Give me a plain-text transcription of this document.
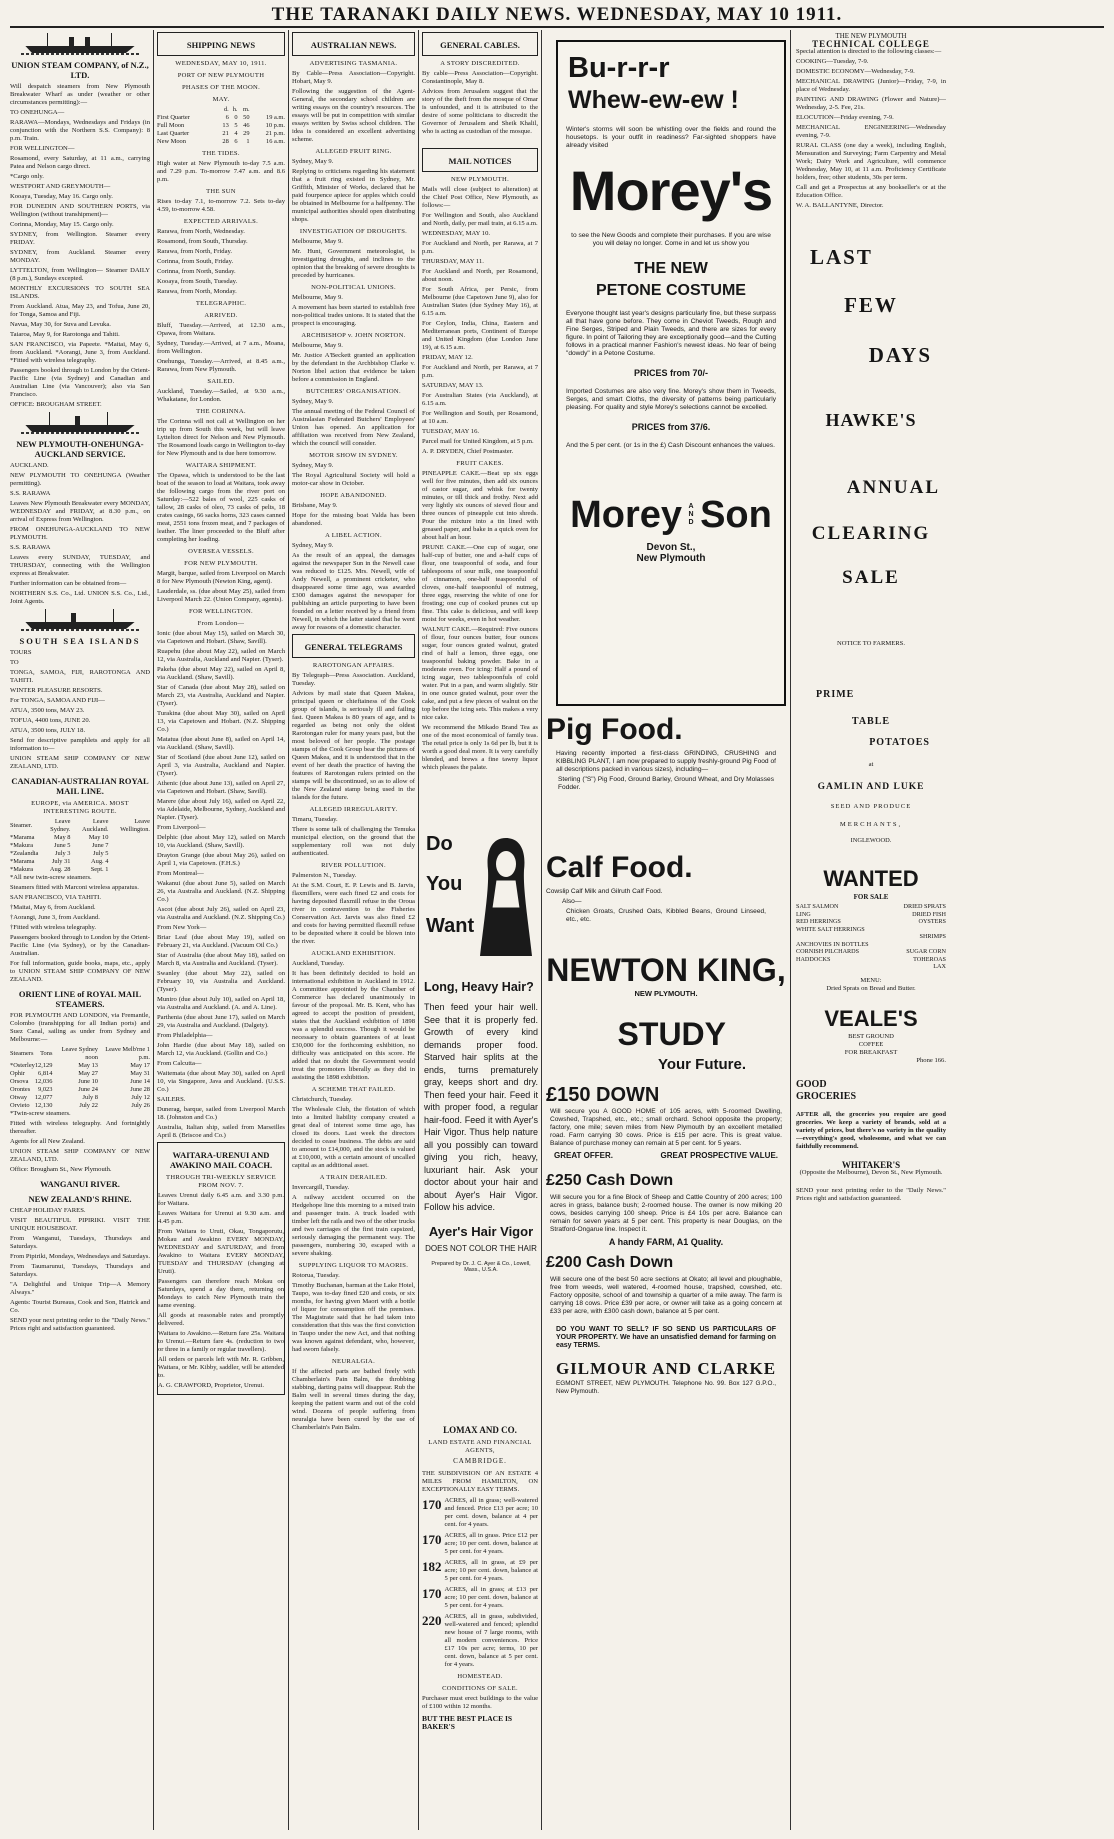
THE TARANAKI DAILY NEWS. WEDNESDAY, MAY 10 1911.
UNION STEAM COMPANY, of N.Z., LTD.

Will despatch steamers from New Plymouth Breakwater Wharf as under (weather or other circumstances permitting):—

TO ONEHUNGA—

RARAWA—Mondays, Wednesdays and Fridays (in conjunction with the Northern S.S. Company): 8 p.m. Train.

FOR WELLINGTON—

Rosamond, every Saturday, at 11 a.m., carrying Patea and Nelson cargo direct.

*Cargo only.

WESTPORT AND GREYMOUTH—

Kooaya, Tuesday, May 16. Cargo only.

FOR DUNEDIN AND SOUTHERN PORTS, via Wellington (without transhipment)—

Corinna, Monday, May 15. Cargo only.

SYDNEY, from Wellington. Steamer every FRIDAY.

SYDNEY, from Auckland. Steamer every MONDAY.

LYTTELTON, from Wellington— Steamer DAILY (8 p.m.), Sundays excepted.

MONTHLY EXCURSIONS TO SOUTH SEA ISLANDS.

From Auckland. Atua, May 23, and Tofua, June 20, for Tonga, Samoa and Fiji.

Navua, May 30, for Suva and Levuka.

Taiaroa, May 9, for Rarotonga and Tahiti.

SAN FRANCISCO, via Papeete. *Maitai, May 6, from Auckland. *Aorangi, June 3, from Auckland. *Fitted with wireless telegraphy.

Passengers booked through to London by the Orient-Pacific Line (via Sydney) and Canadian and Australian Line (via Vancouver); also via San Francisco.

OFFICE: BROUGHAM STREET.

NEW PLYMOUTH-ONEHUNGA-AUCKLAND SERVICE.

AUCKLAND.

NEW PLYMOUTH TO ONEHUNGA (Weather permitting).

S.S. RARAWA

Leaves New Plymouth Breakwater every MONDAY, WEDNESDAY and FRIDAY, at 8.30 p.m., on arrival of Express from Wellington.

FROM ONEHUNGA-AUCKLAND TO NEW PLYMOUTH.

S.S. RARAWA

Leaves every SUNDAY, TUESDAY, and THURSDAY, connecting with the Wellington express at Breakwater.

Further information can be obtained from—

NORTHERN S.S. Co., Ltd. UNION S.S. Co., Ltd., Joint Agents.

SOUTH SEA ISLANDS

TOURS

TO

TONGA, SAMOA, FIJI, RAROTONGA AND TAHITI.

WINTER PLEASURE RESORTS.

For TONGA, SAMOA AND FIJI—

ATUA, 3500 tons, MAY 23.

TOFUA, 4400 tons, JUNE 20.

ATUA, 3500 tons, JULY 18.

Send for descriptive pamphlets and apply for all information to—

UNION STEAM SHIP COMPANY OF NEW ZEALAND, LTD.

CANADIAN-AUSTRALIAN ROYAL MAIL LINE.
EUROPE, via AMERICA. MOST INTERESTING ROUTE.
Steamer.	Leave Sydney.	Leave Auckland.	Leave Wellington.
*Marama	May 8	May 10	
*Makura	June 5	June 7	
*Zealandia	July 3	July 5	
*Marama	July 31	Aug. 4	
*Makura	Aug. 28	Sept. 1	

*All new twin-screw steamers.

Steamers fitted with Marconi wireless apparatus.

SAN FRANCISCO, VIA TAHITI.

†Maitai, May 6, from Auckland.

†Aorangi, June 3, from Auckland.

†Fitted with wireless telegraphy.

Passengers booked through to London by the Orient-Pacific Line (via Sydney), or by the Canadian-Australian.

For full information, guide books, maps, etc., apply to UNION STEAM SHIP COMPANY OF NEW ZEALAND.

ORIENT LINE of ROYAL MAIL STEAMERS.

FOR PLYMOUTH AND LONDON, via Fremantle, Colombo (transhipping for all Indian ports) and Suez Canal, sailing as under from Sydney and Melbourne:—

Steamers	Tons	Leave Sydney noon	Leave Melb'rne 1 p.m.
*Osterley	12,129	May 13	May 17
Ophir	6,814	May 27	May 31
Orsova	12,036	June 10	June 14
Orontes	9,023	June 24	June 28
Otway	12,077	July 8	July 12
Orvieto	12,130	July 22	July 26

*Twin-screw steamers.

Fitted with wireless telegraphy. And fortnightly thereafter.

Agents for all New Zealand.

UNION STEAM SHIP COMPANY OF NEW ZEALAND, LTD.

Office: Brougham St., New Plymouth.

WANGANUI RIVER.
NEW ZEALAND'S RHINE.

CHEAP HOLIDAY FARES.

VISIT BEAUTIFUL PIPIRIKI. VISIT THE UNIQUE HOUSEBOAT.

From Wanganui, Tuesdays, Thursdays and Saturdays.

From Pipiriki, Mondays, Wednesdays and Saturdays.

From Taumarunui, Tuesdays, Thursdays and Saturdays.

"A Delightful and Unique Trip—A Memory Always."

Agents: Tourist Bureaus, Cook and Son, Hatrick and Co.

SEND your next printing order to the "Daily News." Prices right and satisfaction guaranteed.

SHIPPING NEWS
WEDNESDAY, MAY 10, 1911.
PORT OF NEW PLYMOUTH
PHASES OF THE MOON.
MAY.
	d.	h.	m.	
First Quarter	6	0	50	19 a.m.
Full Moon	13	5	46	10 p.m.
Last Quarter	21	4	29	21 p.m.
New Moon	28	6	1	16 a.m.
THE TIDES.

High water at New Plymouth to-day 7.5 a.m. and 7.29 p.m. To-morrow 7.47 a.m. and 8.6 p.m.

THE SUN

Rises to-day 7.1, to-morrow 7.2. Sets to-day 4.59, to-morrow 4.58.

EXPECTED ARRIVALS.

Rarawa, from North, Wednesday.

Rosamond, from South, Thursday.

Rarawa, from North, Friday.

Corinna, from South, Friday.

Corinna, from North, Sunday.

Kooaya, from South, Tuesday.

Rarawa, from North, Monday.

TELEGRAPHIC.
ARRIVED.

Bluff, Tuesday.—Arrived, at 12.30 a.m., Opawa, from Waitara.

Sydney, Tuesday.—Arrived, at 7 a.m., Moana, from Wellington.

Onehunga, Tuesday.—Arrived, at 8.45 a.m., Rarawa, from New Plymouth.

SAILED.

Auckland, Tuesday.—Sailed, at 9.30 a.m., Whakatane, for London.

THE CORINNA.

The Corinna will not call at Wellington on her trip up from South this week, but will leave Lyttelton direct for Nelson and New Plymouth. The Rosamond loads cargo in Wellington to-day for New Plymouth and is due here tomorrow.

WAITARA SHIPMENT.

The Opawa, which is understood to be the last boat of the season to load at Waitara, took away the following cargo from the river port on Saturday:—522 bales of wool, 225 casks of tallow, 28 casks of oleo, 73 casks of pelts, 18 crates casings, 66 sacks horns, 323 cases canned meat, 2551 tons frozen meat, and 7 packages of leather. The liner proceeded to the Bluff after completing her loading.

OVERSEA VESSELS.
FOR NEW PLYMOUTH.

Margit, barque, sailed from Liverpool on March 8 for New Plymouth (Newton King, agent).

Lauderdale, ss. (due about May 25), sailed from Liverpool March 22. (Union Company, agents).

FOR WELLINGTON.
From London—

Ionic (due about May 15), sailed on March 30, via Capetown and Hobart. (Shaw, Savill).

Ruapehu (due about May 22), sailed on March 12, via Australia, Auckland and Napier. (Tyser).

Pakeha (due about May 22), sailed on April 8, via Auckland. (Shaw, Savill).

Star of Canada (due about May 28), sailed on March 23, via Australia, Auckland and Napier. (Tyser).

Turakina (due about May 30), sailed on April 13, via Capetown and Hobart. (N.Z. Shipping Co.)

Matatua (due about June 8), sailed on April 14, via Auckland. (Shaw, Savill).

Star of Scotland (due about June 12), sailed on April 3, via Australia, Auckland and Napier. (Tyser).

Athenic (due about June 13), sailed on April 27, via Capetown and Hobart. (Shaw, Savill).

Marere (due about July 16), sailed on April 22, via Adelaide, Melbourne, Sydney, Auckland and Napier. (Tyser).

From Liverpool—

Delphic (due about May 12), sailed on March 10, via Auckland. (Shaw, Savill).

Drayton Grange (due about May 26), sailed on April 1, via Capetown. (F.H.S.)

From Montreal—

Wakanui (due about June 5), sailed on March 26, via Australia and Auckland. (N.Z. Shipping Co.)

Ascot (due about July 26), sailed on April 23, via Australia and Auckland. (N.Z. Shipping Co.)

From New York—

Briar Leaf (due about May 19), sailed on February 21, via Auckland. (Vacuum Oil Co.)

Star of Australia (due about May 18), sailed on March 8, via Australia and Auckland. (Tyser).

Swanley (due about May 22), sailed on February 10, via Australia and Auckland. (Tyser).

Muniro (due about July 10), sailed on April 18, via Australia and Auckland. (A. and A. Line).

Parthenia (due about June 17), sailed on March 29, via Australia and Auckland. (Dalgety).

From Philadelphia—

John Hardie (due about May 18), sailed on March 12, via Auckland. (Gollin and Co.)

From Calcutta—

Waitemata (due about May 30), sailed on April 10, via Singapore, Java and Auckland. (U.S.S. Co.)

SAILERS.

Dunerag, barque, sailed from Liverpool March 18. (Johnston and Co.)

Australia, Italian ship, sailed from Marseilles April 8. (Briscoe and Co.)

WAITARA-URENUI AND AWAKINO MAIL COACH.
THROUGH TRI-WEEKLY SERVICE FROM NOV. 7.

Leaves Urenui daily 6.45 a.m. and 3.30 p.m. for Waitara.

Leaves Waitara for Urenui at 9.30 a.m. and 4.45 p.m.

From Waitara to Uruti, Okau, Tongaporutu, Mokau and Awakino EVERY MONDAY, WEDNESDAY and SATURDAY, and from Awakino to Waitara EVERY MONDAY, TUESDAY and THURSDAY (changing at Uruti).

Passengers can therefore reach Mokau on Saturdays, spend a day there, returning on Mondays to catch New Plymouth train the same evening.

All goods at reasonable rates and promptly delivered.

Waitara to Awakino.—Return fare 25s. Waitara to Urenui.—Return fare 4s. (reduction to two or three in a family or regular travellers).

All orders or parcels left with Mr. R. Gribben, Waitara, or Mr. Kibby, saddler, will be attended to.

A. G. CRAWFORD, Proprietor, Urenui.

AUSTRALIAN NEWS.
ADVERTISING TASMANIA.

By Cable—Press Association—Copyright. Hobart, May 9.

Following the suggestion of the Agent-General, the secondary school children are writing essays on the country's resources. The essays will be put in competition with similar essays written by Swiss school children. The idea is considered an excellent advertising scheme.

ALLEGED FRUIT RING.

Sydney, May 9.

Replying to criticisms regarding his statement that a fruit ring existed in Sydney, Mr. Griffith, Minister of Works, declared that he paid fourpence apiece for apples which could be obtained in Melbourne for a halfpenny. The municipal authorities should open distributing shops.

INVESTIGATION OF DROUGHTS.

Melbourne, May 9.

Mr. Hunt, Government meteorologist, is investigating droughts, and inclines to the opinion that the breaking of severe droughts is preceded by hurricanes.

NON-POLITICAL UNIONS.

Melbourne, May 9.

A movement has been started to establish free non-political trades unions. It is stated that the prospect is encouraging.

ARCHBISHOP v. JOHN NORTON.

Melbourne, May 9.

Mr. Justice A'Beckett granted an application by the defendant in the Archbishop Clarke v. Norton libel action that evidence be taken before a commission in England.

BUTCHERS' ORGANISATION.

Sydney, May 9.

The annual meeting of the Federal Council of Australasian Federated Butchers' Employees' Union has opened. An application for affiliation was received from New Zealand, which the council will consider.

MOTOR SHOW IN SYDNEY.

Sydney, May 9.

The Royal Agricultural Society will hold a motor-car show in October.

HOPE ABANDONED.

Brisbane, May 9.

Hope for the missing boat Valda has been abandoned.

A LIBEL ACTION.

Sydney, May 9.

As the result of an appeal, the damages against the newspaper Sun in the Newell case was reduced to £125. Mrs. Newell, wife of Andy Newell, a prominent cricketer, who disappeared some time ago, was awarded £300 damages against the newspaper for publishing an article purporting to have been founded on a letter received by a friend from Newell, in which the latter stated that he went away for reasons of a domestic character.

GENERAL TELEGRAMS
RAROTONGAN AFFAIRS.

By Telegraph—Press Association. Auckland, Tuesday.

Advices by mail state that Queen Makea, principal queen or chieftainess of the Cook group of islands, is seriously ill and failing fast. Queen Makea is 80 years of age, and is regarded as being not only the oldest Rarotongan ruler for many years past, but the most beloved of her people. The postage stamps of the Cook Group bear the pictures of Queen Makea, and it is understood that in the event of her death the practice of having the features of Rarotongan rulers printed on the stamps will be discontinued, so as to allow of the New Zealand stamp being used in the islands for the future.

ALLEGED IRREGULARITY.

Timaru, Tuesday.

There is some talk of challenging the Temuka municipal election, on the ground that the supplementary roll was not duly authenticated.

RIVER POLLUTION.

Palmerston N., Tuesday.

At the S.M. Court, E. P. Lewis and B. Jarvis, flaxmillers, were each fined £2 and costs for having deposited flaxmill refuse in the Oroua river in contravention to the Fisheries Conservation Act. Jarvis was also fined £2 and costs for having permitted flaxmill refuse to be deposited where it could be blown into the river.

AUCKLAND EXHIBITION.

Auckland, Tuesday.

It has been definitely decided to hold an international exhibition in Auckland in 1912. A committee appointed by the Chamber of Commerce has declared unanimously in favour of the proposal. Mr. B. Kent, who has agreed to accept the position of president, states that the Auckland exhibition of 1898 was a splendid success. Though it would be necessary to obtain guarantees of at least £30,000 for the forthcoming exhibition, no difficulty was anticipated on this score. He added that no doubt the Government would treat the promoters liberally as they did in assisting the 1898 exhibition.

A SCHEME THAT FAILED.

Christchurch, Tuesday.

The Wholesale Club, the flotation of which into a limited liability company created a great deal of interest some time ago, has closed its doors. Last week the directors decided to cease business. The debts are said to amount to £14,000, and the stock is valued at £10,000, with a certain amount of uncalled capital as an additional asset.

A TRAIN DERAILED.

Invercargill, Tuesday.

A railway accident occurred on the Hedgehope line this morning to a mixed train and passenger train. A truck loaded with timber left the rails and two of the other trucks and two carriages of the first train capsized, seriously damaging the permanent way. The passengers, numbering 30, escaped with a severe shaking.

SUPPLYING LIQUOR TO MAORIS.

Rotorua, Tuesday.

Timothy Buchanan, barman at the Lake Hotel, Taupo, was to-day fined £20 and costs, or six months, for having given Maori with a bottle of liquor for consumption off the premises. The Magistrate said that he had taken into consideration that this was the first conviction in Taupo under the new Act, and that nothing was known against defendant, who, however, had sworn falsely.

NEURALGIA.

If the affected parts are bathed freely with Chamberlain's Pain Balm, the throbbing stabbing, darting pains will disappear. Rub the Balm well in several times during the day, keeping the patient warm and out of the cold wind. Dozens of people suffering from neuralgia have been cured by the use of Chamberlain's Pain Balm.

GENERAL CABLES.
A STORY DISCREDITED.

By cable—Press Association—Copyright. Constantinople, May 8.

Advices from Jerusalem suggest that the story of the theft from the mosque of Omar is unfounded, and it is attributed to the desire of some politicians to discredit the Governor of Jerusalem and Sheik Khalil, who is acting as custodian of the mosque.

MAIL NOTICES
NEW PLYMOUTH.

Mails will close (subject to alteration) at the Chief Post Office, New Plymouth, as follows:—

For Wellington and South, also Auckland and North, daily, per mail train, at 6.15 a.m.

WEDNESDAY, MAY 10.

For Auckland and North, per Rarawa, at 7 p.m.

THURSDAY, MAY 11.

For Auckland and North, per Rosamond, about noon.

For South Africa, per Persic, from Melbourne (due Capetown June 9), also for Australian States (due Sydney May 16), at 6.15 a.m.

For Ceylon, India, China, Eastern and Mediterranean ports, Continent of Europe and United Kingdom (due London June 19), at 6.15 a.m.

FRIDAY, MAY 12.

For Auckland and North, per Rarawa, at 7 p.m.

SATURDAY, MAY 13.

For Australian States (via Auckland), at 6.15 a.m.

For Wellington and South, per Rosamond, at 10 a.m.

TUESDAY, MAY 16.

Parcel mail for United Kingdom, at 5 p.m.

A. P. DRYDEN, Chief Postmaster.

FRUIT CAKES.

PINEAPPLE CAKE.—Beat up six eggs well for five minutes, then add six ounces of castor sugar, and whisk for twenty minutes, or till thick and frothy. Next add very lightly six ounces of sieved flour and three ounces of pineapple cut into shreds. Pour the mixture into a tin lined with greased paper, and bake in a quick oven for about half an hour.

PRUNE CAKE.—One cup of sugar, one half-cup of butter, one and a-half cups of flour, one teaspoonful of soda, and four tablespoons of sour milk, one teaspoonful of cinnamon, one-half teaspoonful of cloves, one-half teaspoonful of nutmeg, three eggs, reserving the white of one for frosting; one cup of cooked prunes cut up fine. This cake is delicious, and will keep moist for weeks, even in hot weather.

WALNUT CAKE.—Required: Five ounces of flour, four ounces butter, four ounces sugar, four ounces grated walnut, grated rind of half a lemon, three eggs, one teaspoonful baking powder. Bake in a moderate oven. For icing: Half a pound of icing sugar, two tablespoonfuls of cold water. Put in a pan, and warm slightly. Stir in one ounce grated walnut, pour over the cake, and put a few pieces of walnut on the top before the icing sets. This makes a very nice cake.

We recommend the Mikado Brand Tea as one of the most economical of family teas. The retail price is only 1s 6d per lb, but it is worth a good deal more. It is very carefully blended, and brews a fine tawny liquor which pleases the palate.

Do
You
Want
Long, Heavy Hair?
Then feed your hair well. See that it is properly fed. Growth of every kind demands proper food. Starved hair splits at the ends, turns prematurely gray, keeps short and dry. Then feed your hair. Feed it with proper food, a regular hair-food. Feed it with Ayer's Hair Vigor. Thus help nature all you possibly can toward giving you rich, heavy, luxuriant hair. Ask your doctor about your hair and about Ayer's Hair Vigor. Follow his advice.
Ayer's Hair Vigor
DOES NOT COLOR THE HAIR
Prepared by Dr. J. C. Ayer & Co., Lowell, Mass., U.S.A.
LOMAX AND CO.
LAND ESTATE AND FINANCIAL AGENTS,
CAMBRIDGE.

THE SUBDIVISION OF AN ESTATE 4 MILES FROM HAMILTON, ON EXCEPTIONALLY EASY TERMS.

170 ACRES, all in grass; well-watered and fenced. Price £13 per acre; 10 per cent. down, balance at 4 per cent. for 4 years.
170 ACRES, all in grass. Price £12 per acre; 10 per cent. down, balance at 5 per cent. for 4 years.
182 ACRES, all in grass, at £9 per acre; 10 per cent. down, balance at 5 per cent. for 4 years.
170 ACRES, all in grass; at £13 per acre; 10 per cent. down, balance at 5 per cent. for 4 years.
220 ACRES, all in grass, subdivided, well-watered and fenced; splendid new house of 7 large rooms, with all modern conveniences. Price £17 10s per acre; terms, 10 per cent. down, balance at 5 per cent. for 4 years.
HOMESTEAD.
CONDITIONS OF SALE.

Purchaser must erect buildings to the value of £100 within 12 months.

BUT THE BEST PLACE IS BAKER'S
Bu-r-r-r
Whew-ew-ew !
Winter's storms will soon be whistling over the fields and round the housetops. Is your outfit in readiness? Far-sighted shoppers have already visited
Morey's
to see the New Goods and complete their purchases. If you are wise you will delay no longer. Come in and let us show you
THE NEW
PETONE COSTUME
Everyone thought last year's designs particularly fine, but these surpass all that have gone before. They come in Cheviot Tweeds, Rough and Fine Serges, Striped and Plain Tweeds, and there are sizes for every figure. In point of Tailoring they are exceptionally good—and the Cutting follows in a practical manner Fashion's newest ideas. No fear of being "dowdy" in a Petone Costume.
PRICES from 70/-
Imported Costumes are also very fine. Morey's show them in Tweeds, Serges, and smart Cloths, the diversity of patterns being particularly pleasing. For quality and style Morey's selections cannot be excelled.
PRICES from 37/6.
And the 5 per cent. (or 1s in the £) Cash Discount enhances the values.
Morey AND Son
Devon St.,
New Plymouth
Pig Food.

Having recently imported a first-class GRINDING, CRUSHING and KIBBLING PLANT, I am now prepared to supply freshly-ground Pig Food of all descriptions packed in various sizes), including—

Sterling ("S") Pig Food, Ground Barley, Ground Wheat, and Dry Molasses Fodder.

Calf Food.

Cowslip Calf Milk and Gilruth Calf Food.

Also—

Chicken Groats, Crushed Oats, Kibbled Beans, Ground Linseed, etc., etc.

NEWTON KING,
NEW PLYMOUTH.
STUDY
Your Future.
£150 DOWN

Will secure you A GOOD HOME of 105 acres, with 5-roomed Dwelling, Cowshed, Trapshed, etc., etc.; small orchard. School opposite the property; factory, one mile; seven miles from New Plymouth by an excellent metalled road. Farm carrying 30 cows. Price is £15 per acre. This is great value. Balance of purchase money can remain at 5 per cent. for 5 years.

GREAT OFFER.	GREAT PROSPECTIVE VALUE.
£250 Cash Down

Will secure you for a fine Block of Sheep and Cattle Country of 200 acres; 100 acres in grass, balance bush; 2-roomed house. The owner is now milking 20 cows, besides carrying 100 sheep. Price is £4 10s per acre. Balance can remain for seven years at 5 per cent. This property is near Douglas, on the Stratford-Ongarue line. Inspect it.

A handy FARM, A1 Quality.
£200 Cash Down

Will secure one of the best 50 acre sections at Okato; all level and ploughable, free from weeds, well watered, 4-roomed house, trapshed, cowshed, etc. Factory opposite, school of and township a quarter of a mile away. The farm is carrying 18 cows. Price £39 per acre, or owner will take as a going concern at £33 per acre, with £300 cash down, balance at 5 per cent.

DO YOU WANT TO SELL? IF SO SEND US PARTICULARS OF YOUR PROPERTY. We have an unsatisfied demand for farming on easy TERMS.

GILMOUR AND CLARKE

EGMONT STREET, NEW PLYMOUTH. Telephone No. 99. Box 127 G.P.O., New Plymouth.

THE NEW PLYMOUTH
TECHNICAL COLLEGE

Special attention is directed to the following classes:—

COOKING—Tuesday, 7-9.

DOMESTIC ECONOMY—Wednesday, 7-9.

MECHANICAL DRAWING (Junior)—Friday, 7-9, in place of Wednesday.

PAINTING AND DRAWING (Flower and Nature)—Wednesday, 2-5. Fee, 21s.

ELOCUTION—Friday evening, 7-9.

MECHANICAL ENGINEERING—Wednesday evening, 7-9.

RURAL CLASS (one day a week), including English, Mensuration and Surveying; Farm Carpentry and Metal Work; Dairy Work and Agriculture, will commence Wednesday, May 10, at 11 a.m. Proficiency Certificate holders, free; other students, 30s per term.

Call and get a Prospectus at any bookseller's or at the Education Office.

W. A. BALLANTYNE, Director.

LAST
FEW
DAYS
HAWKE'S
ANNUAL
CLEARING
SALE
NOTICE TO FARMERS.
PRIME
TABLE
POTATOES
at
GAMLIN AND LUKE
SEED AND PRODUCE
MERCHANTS,
INGLEWOOD.
WANTED
FOR SALE
SALT SALMON
LING
RED HERRINGS
WHITE SALT HERRINGS

ANCHOVIES IN BOTTLES
CORNISH PILCHARDS
HADDOCKS
DRIED SPRATS
DRIED FISH
OYSTERS

SHRIMPS

SUGAR CORN
TOHEROAS
LAX
MENU:
Dried Sprats on Bread and Butter.
VEALE'S
BEST GROUND
COFFEE
FOR BREAKFAST
Phone 166.
GOOD
GROCERIES

AFTER all, the groceries you require are good groceries. We keep a variety of brands, sold at a variety of prices, but there's no variety in the quality—everything's good, wholesome, and what we can faithfully recommend.

WHITAKER'S
(Opposite the Melbourne), Devon St., New Plymouth.

SEND your next printing order to the "Daily News." Prices right and satisfaction guaranteed.
